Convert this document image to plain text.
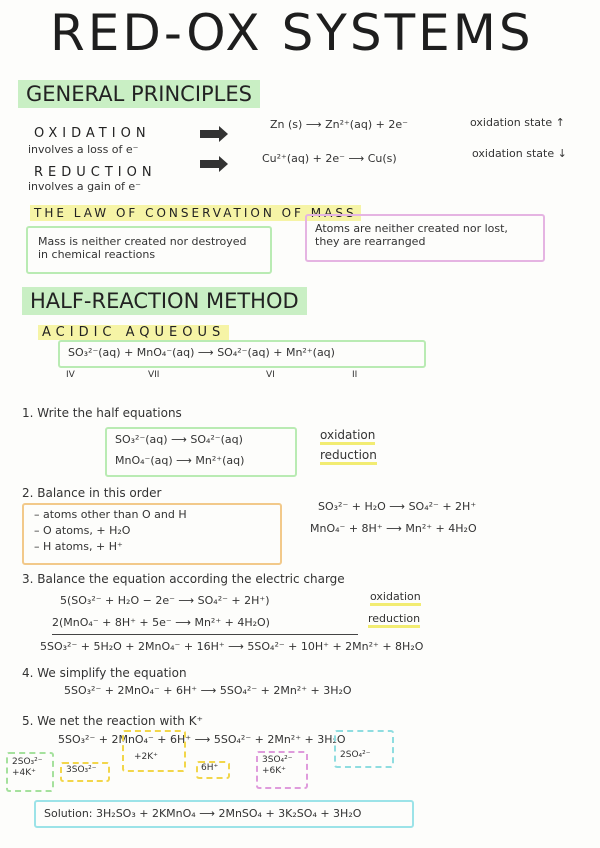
RED-OX SYSTEMS
GENERAL PRINCIPLES
OXIDATION
involves a loss of e⁻
Zn (s) ⟶ Zn²⁺(aq) + 2e⁻	oxidation state ↑
REDUCTION
involves a gain of e⁻
Cu²⁺(aq) + 2e⁻ ⟶ Cu(s)	oxidation state ↓
THE LAW OF CONSERVATION OF MASS
Mass is neither created nor destroyed in chemical reactions
Atoms are neither created nor lost, they are rearranged
HALF-REACTION METHOD
ACIDIC AQUEOUS
SO₃²⁻(aq) + MnO₄⁻(aq) ⟶ SO₄²⁻(aq) + Mn²⁺(aq)
IV	VII	VI	II
1. Write the half equations
SO₃²⁻(aq) ⟶ SO₄²⁻(aq)
MnO₄⁻(aq) ⟶ Mn²⁺(aq)
oxidation
reduction
2. Balance in this order
– atoms other than O and H
– O atoms, + H₂O
– H atoms, + H⁺
SO₃²⁻ + H₂O ⟶ SO₄²⁻ + 2H⁺
MnO₄⁻ + 8H⁺ ⟶ Mn²⁺ + 4H₂O
3. Balance the equation according the electric charge
5(SO₃²⁻ + H₂O − 2e⁻ ⟶ SO₄²⁻ + 2H⁺)	oxidation
2(MnO₄⁻ + 8H⁺ + 5e⁻ ⟶ Mn²⁺ + 4H₂O)	reduction
5SO₃²⁻ + 5H₂O + 2MnO₄⁻ + 16H⁺ ⟶ 5SO₄²⁻ + 10H⁺ + 2Mn²⁺ + 8H₂O
4. We simplify the equation
5SO₃²⁻ + 2MnO₄⁻ + 6H⁺ ⟶ 5SO₄²⁻ + 2Mn²⁺ + 3H₂O
5. We net the reaction with K⁺
5SO₃²⁻ + 2MnO₄⁻ + 6H⁺ ⟶ 5SO₄²⁻ + 2Mn²⁺ + 3H₂O
2SO₃²⁻
+4K⁺	3SO₃²⁻
+2K⁺
6H⁺
3SO₄²⁻
+6K⁺
2SO₄²⁻
Solution: 3H₂SO₃ + 2KMnO₄ ⟶ 2MnSO₄ + 3K₂SO₄ + 3H₂O
